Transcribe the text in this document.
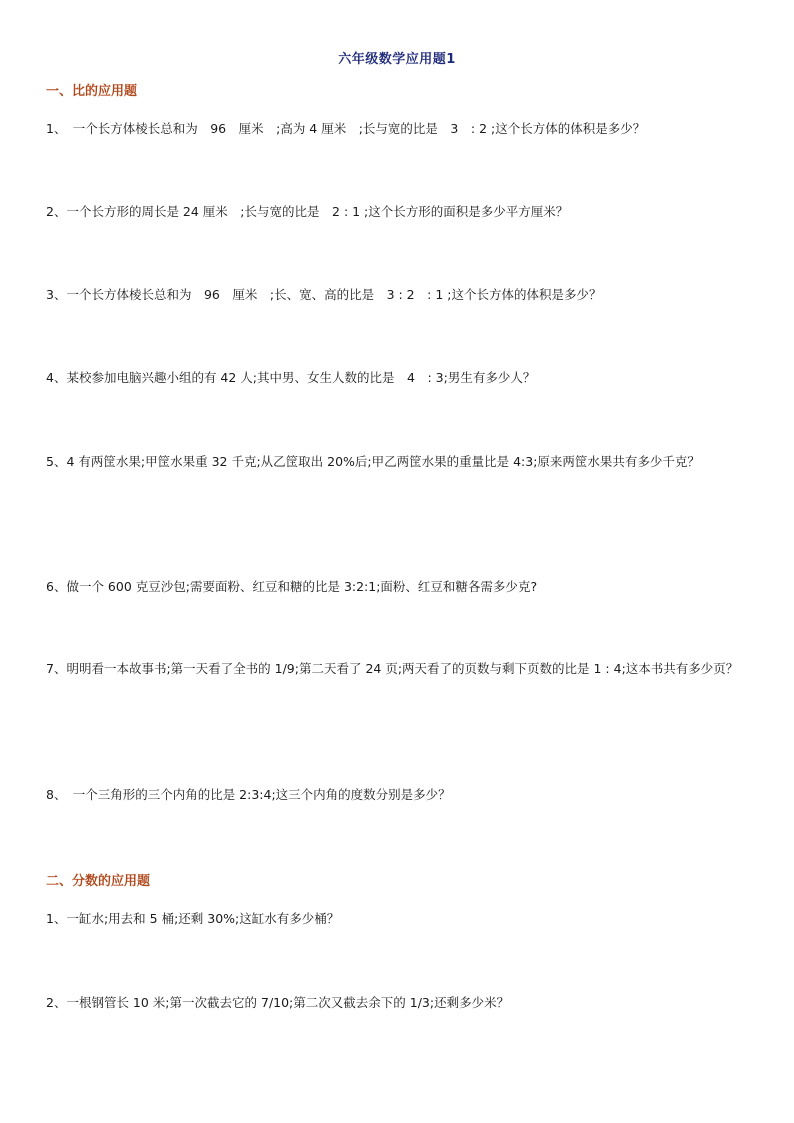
六年级数学应用题1
一、比的应用题
1、　一个长方体棱长总和为　96　厘米　;高为 4 厘米　;长与宽的比是　3　: 2 ;这个长方体的体积是多少？
2、一个长方形的周长是 24 厘米　;长与宽的比是　2 : 1 ;这个长方形的面积是多少平方厘米？
3、一个长方体棱长总和为　96　厘米　;长、宽、高的比是　3 : 2　: 1 ;这个长方体的体积是多少？
4、某校参加电脑兴趣小组的有 42 人;其中男、女生人数的比是　4　: 3;男生有多少人？
5、4 有两筐水果;甲筐水果重 32 千克;从乙筐取出 20%后;甲乙两筐水果的重量比是 4:3;原来两筐水果共有多少千克？
6、做一个 600 克豆沙包;需要面粉、红豆和糖的比是 3:2:1;面粉、红豆和糖各需多少克?
7、明明看一本故事书;第一天看了全书的 1/9;第二天看了 24 页;两天看了的页数与剩下页数的比是 1 : 4;这本书共有多少页？
8、　一个三角形的三个内角的比是 2:3:4;这三个内角的度数分别是多少？
二、分数的应用题
1、一缸水;用去和 5 桶;还剩 30%;这缸水有多少桶？
2、一根钢管长 10 米;第一次截去它的 7/10;第二次又截去余下的 1/3;还剩多少米？
